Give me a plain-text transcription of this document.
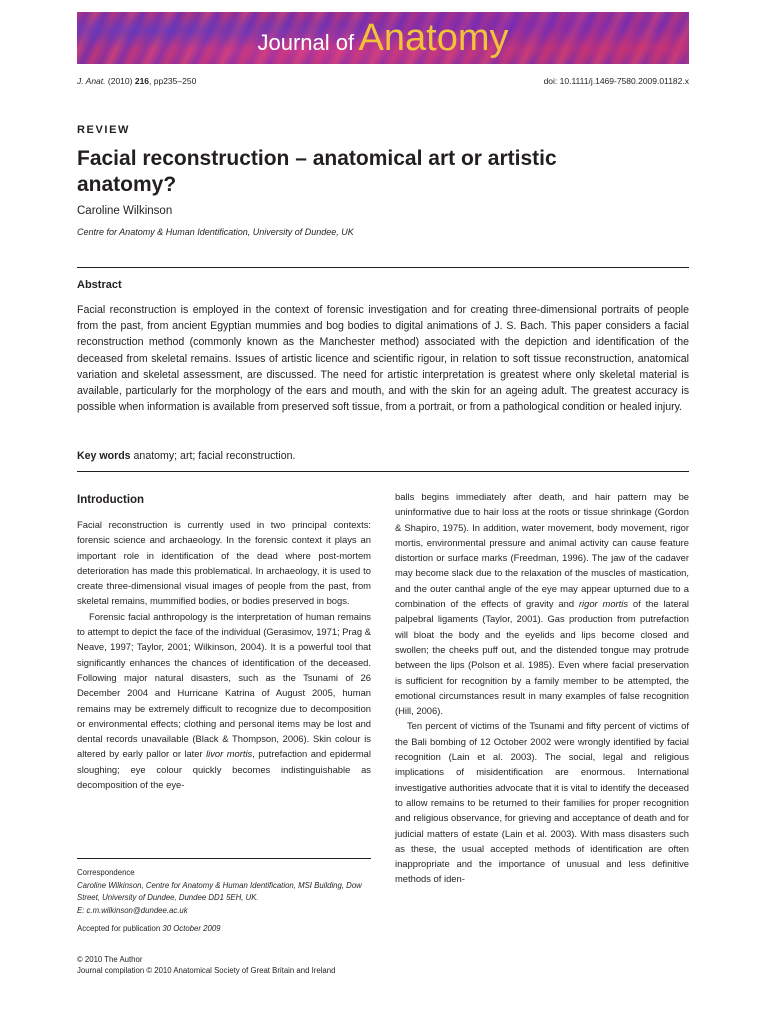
Journal of Anatomy
J. Anat. (2010) 216, pp235–250	doi: 10.1111/j.1469-7580.2009.01182.x
REVIEW
Facial reconstruction – anatomical art or artistic anatomy?
Caroline Wilkinson
Centre for Anatomy & Human Identification, University of Dundee, UK
Abstract
Facial reconstruction is employed in the context of forensic investigation and for creating three-dimensional portraits of people from the past, from ancient Egyptian mummies and bog bodies to digital animations of J. S. Bach. This paper considers a facial reconstruction method (commonly known as the Manchester method) associated with the depiction and identification of the deceased from skeletal remains. Issues of artistic licence and scientific rigour, in relation to soft tissue reconstruction, anatomical variation and skeletal assessment, are discussed. The need for artistic interpretation is greatest where only skeletal material is available, particularly for the morphology of the ears and mouth, and with the skin for an ageing adult. The greatest accuracy is possible when information is available from preserved soft tissue, from a portrait, or from a pathological condition or healed injury.
Key words anatomy; art; facial reconstruction.
Introduction

Facial reconstruction is currently used in two principal contexts: forensic science and archaeology. In the forensic context it plays an important role in identification of the dead where post-mortem deterioration has made this problematical. In archaeology, it is used to create three-dimensional visual images of people from the past, from skeletal remains, mummified bodies, or bodies preserved in bogs.

Forensic facial anthropology is the interpretation of human remains to attempt to depict the face of the individual (Gerasimov, 1971; Prag & Neave, 1997; Taylor, 2001; Wilkinson, 2004). It is a powerful tool that significantly enhances the chances of identification of the deceased. Following major natural disasters, such as the Tsunami of 26 December 2004 and Hurricane Katrina of August 2005, human remains may be extremely difficult to recognize due to decomposition or environmental effects; clothing and personal items may be lost and dental records unavailable (Black & Thompson, 2006). Skin colour is altered by early pallor or later livor mortis, putrefaction and epidermal sloughing; eye colour quickly becomes indistinguishable as decomposition of the eye-

balls begins immediately after death, and hair pattern may be uninformative due to hair loss at the roots or tissue shrinkage (Gordon & Shapiro, 1975). In addition, water movement, body movement, rigor mortis, environmental pressure and animal activity can cause feature distortion or surface marks (Freedman, 1996). The jaw of the cadaver may become slack due to the relaxation of the muscles of mastication, and the outer canthal angle of the eye may appear upturned due to a combination of the effects of gravity and rigor mortis of the lateral palpebral ligaments (Taylor, 2001). Gas production from putrefaction will bloat the body and the eyelids and lips become closed and swollen; the cheeks puff out, and the distended tongue may protrude between the lips (Polson et al. 1985). Even where facial preservation is sufficient for recognition by a family member to be attempted, the emotional circumstances result in many examples of false recognition (Hill, 2006).

Ten percent of victims of the Tsunami and fifty percent of victims of the Bali bombing of 12 October 2002 were wrongly identified by facial recognition (Lain et al. 2003). The social, legal and religious implications of misidentification are enormous. International investigative authorities advocate that it is vital to identify the deceased to allow remains to be returned to their families for proper recognition and religious observance, for grieving and acceptance of death and for judicial matters of estate (Lain et al. 2003). With mass disasters such as these, the usual accepted methods of identification are often inappropriate and the importance of unusual and less definitive methods of iden-

Correspondence
Caroline Wilkinson, Centre for Anatomy & Human Identification, MSI Building, Dow Street, University of Dundee, Dundee DD1 5EH, UK.
E: c.m.wilkinson@dundee.ac.uk
Accepted for publication 30 October 2009
© 2010 The Author
Journal compilation © 2010 Anatomical Society of Great Britain and Ireland
